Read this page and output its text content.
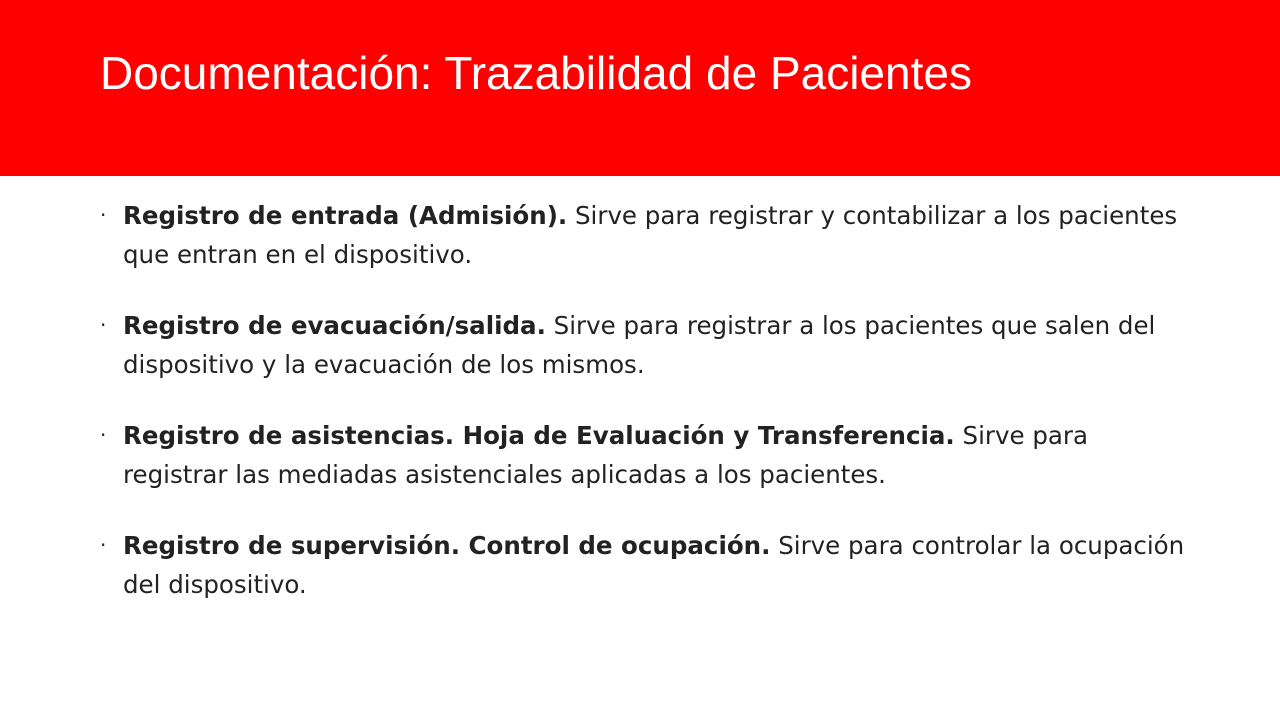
Documentación: Trazabilidad de Pacientes
· Registro de entrada (Admisión). Sirve para registrar y contabilizar a los pacientes que entran en el dispositivo.
· Registro de evacuación/salida. Sirve para registrar a los pacientes que salen del dispositivo y la evacuación de los mismos.
· Registro de asistencias. Hoja de Evaluación y Transferencia. Sirve para registrar las mediadas asistenciales aplicadas a los pacientes.
· Registro de supervisión. Control de ocupación. Sirve para controlar la ocupación del dispositivo.
